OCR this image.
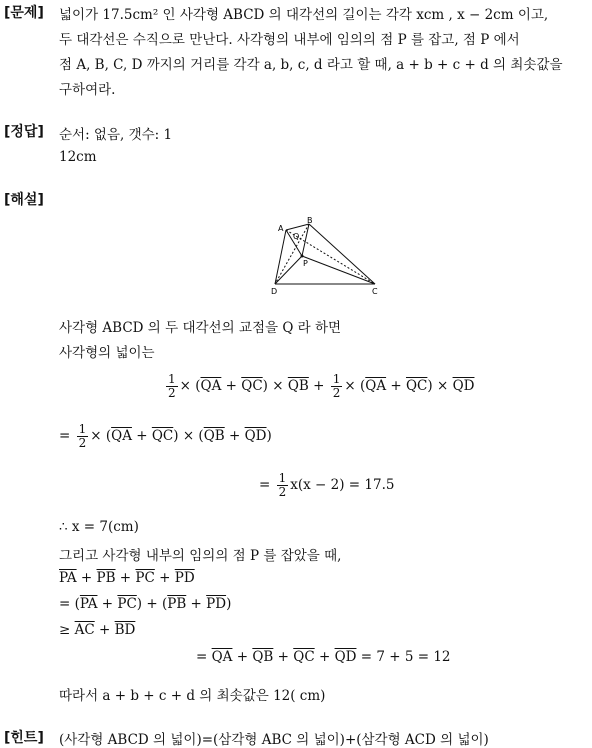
[문제]
[정답]
[해설]
[힌트]
넓이가 17.5cm² 인 사각형 ABCD 의 대각선의 길이는 각각 xcm , x − 2cm 이고,
두 대각선은 수직으로 만난다. 사각형의 내부에 임의의 점 P 를 잡고, 점 P 에서
점 A, B, C, D 까지의 거리를 각각 a, b, c, d 라고 할 때, a + b + c + d 의 최솟값을
구하여라.
순서: 없음, 갯수: 1
12cm
A
B
C
D
P
Q
사각형 ABCD 의 두 대각선의 교점을 Q 라 하면
사각형의 넓이는
$\frac{1}{2} \times (\overline{QA} + \overline{QC}) \times \overline{QB} + \frac{1}{2} \times (\overline{QA} + \overline{QC}) \times \overline{QD}$
= $\frac{1}{2} \times (\overline{QA} + \overline{QC}) \times (\overline{QB} + \overline{QD})$
= $\frac{1}{2} x(x - 2) = 17.5$
∴ x = 7(cm)
그리고 사각형 내부의 임의의 점 P 를 잡았을 때,
$\overline{PA} + \overline{PB} + \overline{PC} + \overline{PD}$
= $(\overline{PA} + \overline{PC}) + (\overline{PB} + \overline{PD})$
≥ $\overline{AC} + \overline{BD}$
= $\overline{QA} + \overline{QB} + \overline{QC} + \overline{QD} = 7 + 5 = 12$
따라서 a + b + c + d 의 최솟값은 12( cm)
(사각형 ABCD 의 넓이)=(삼각형 ABC 의 넓이)+(삼각형 ACD 의 넓이)
